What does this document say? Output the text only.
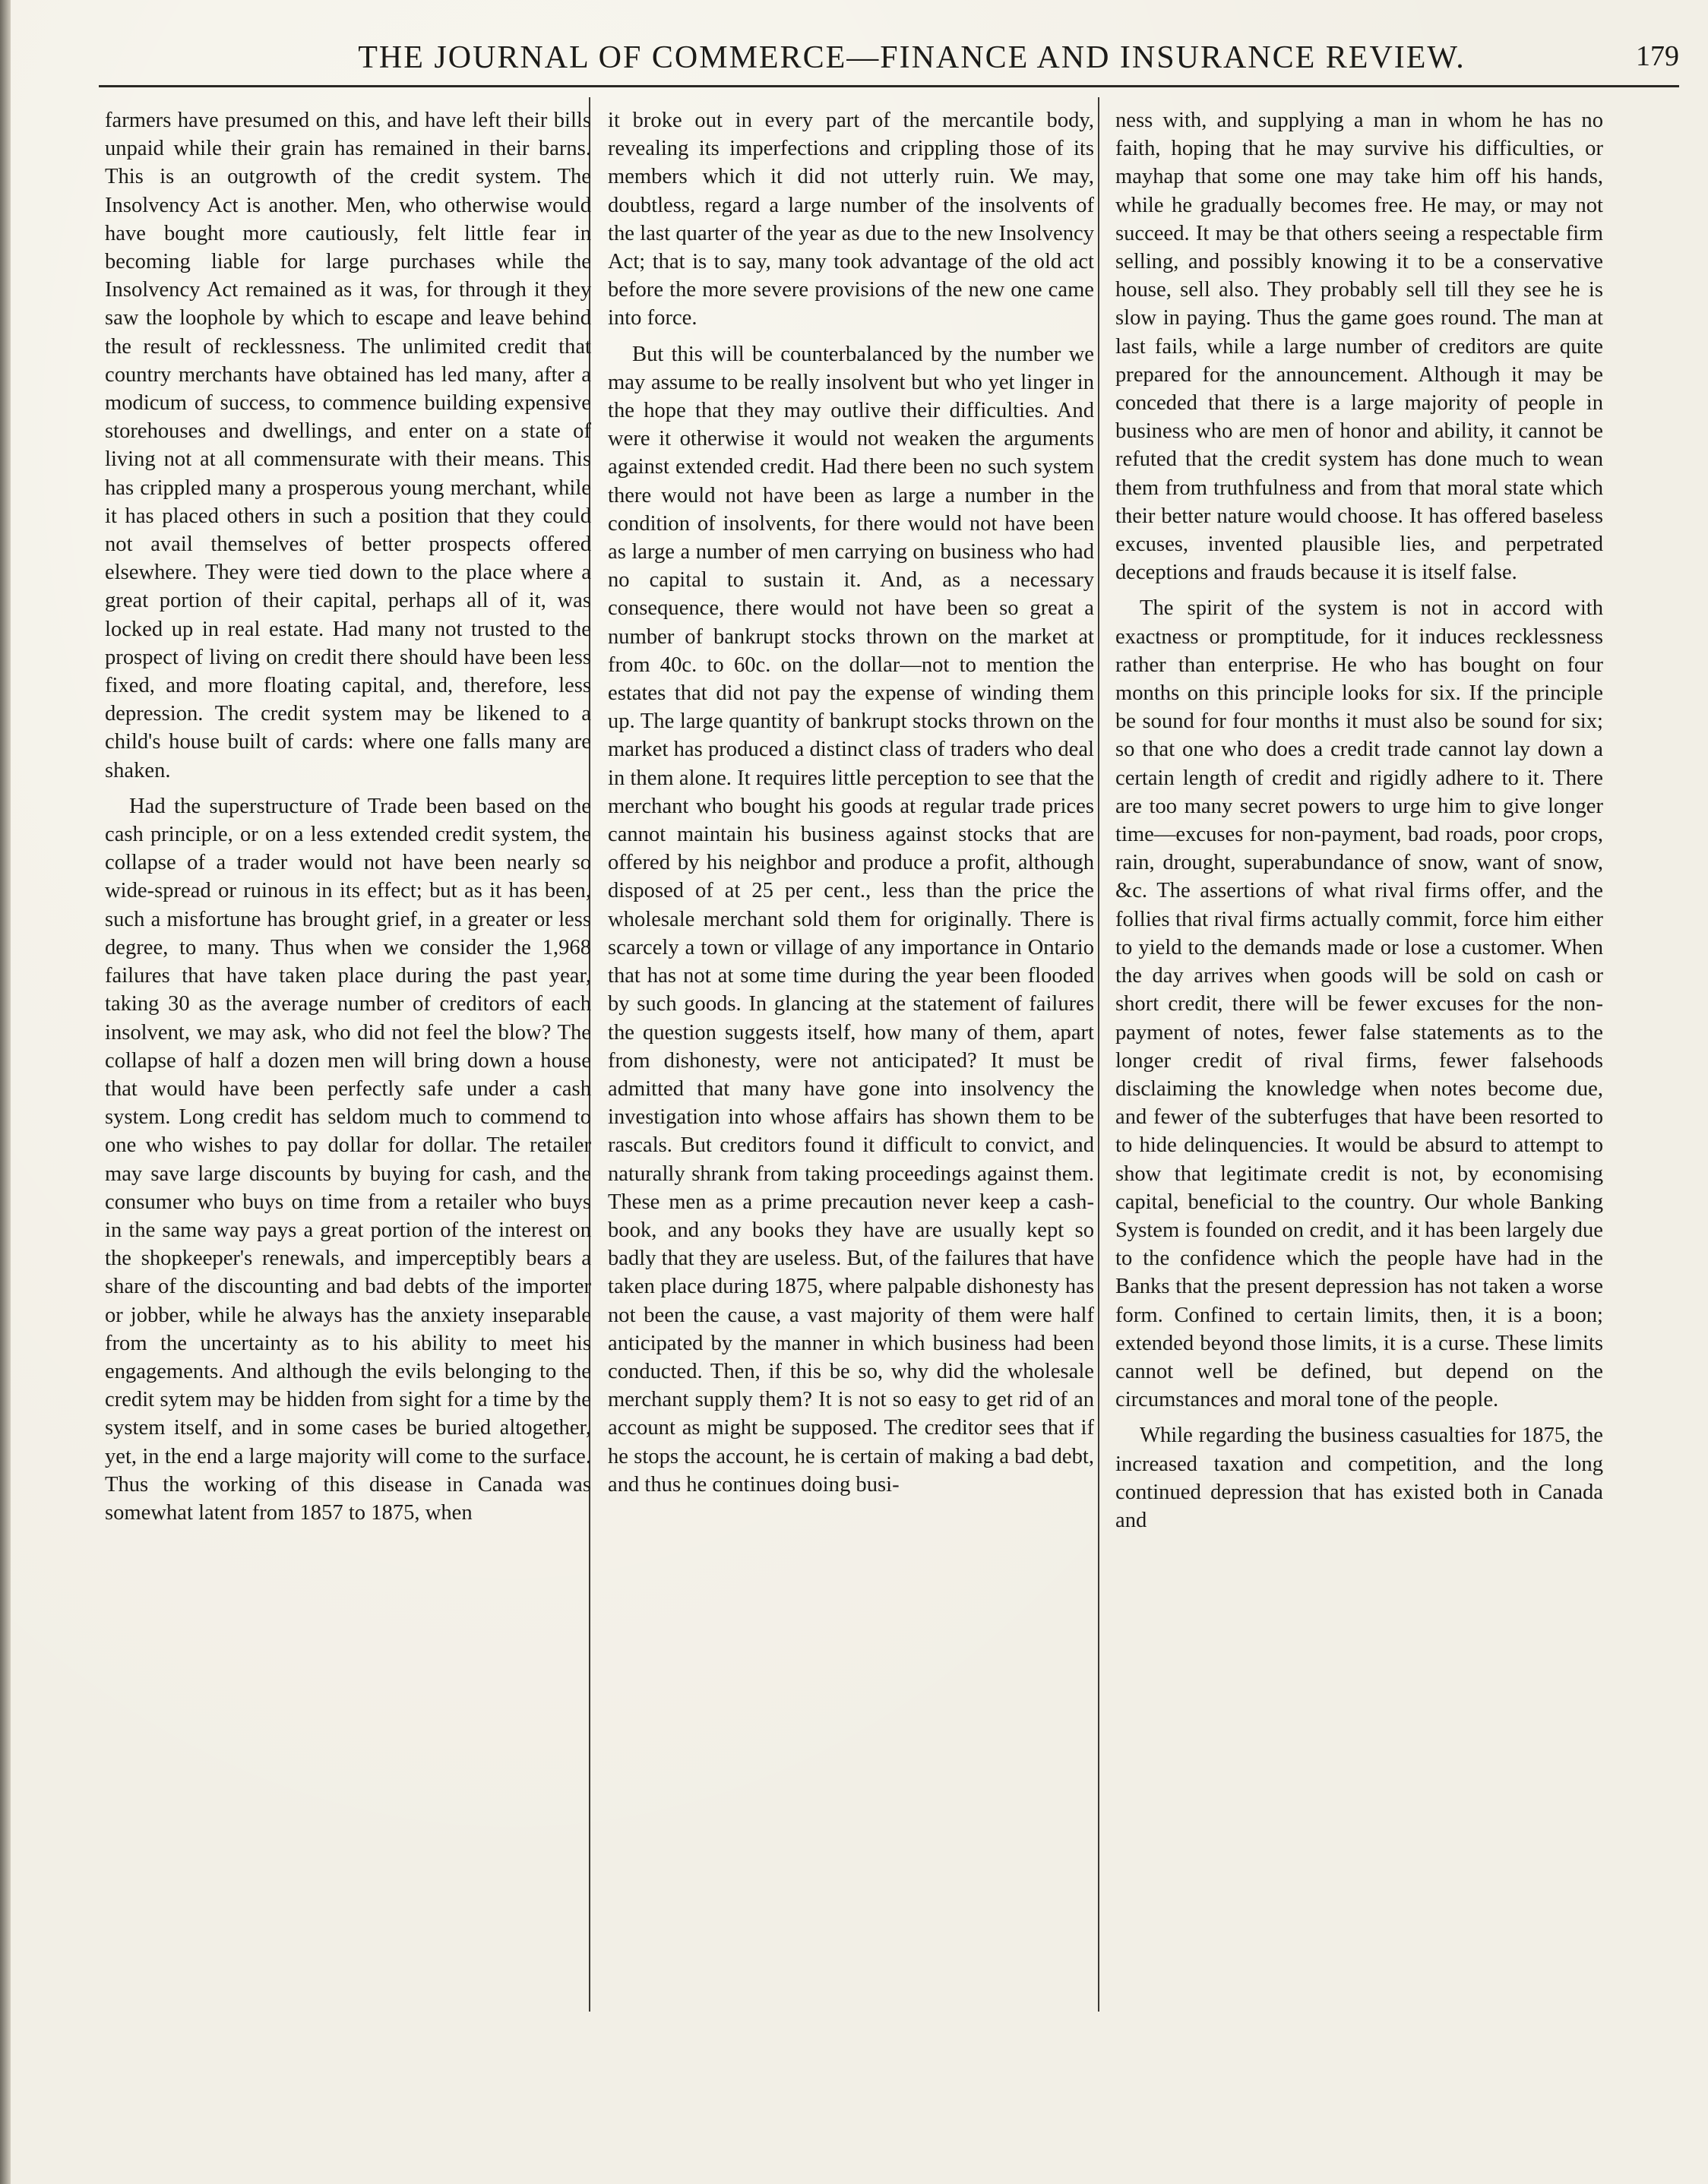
THE JOURNAL OF COMMERCE—FINANCE AND INSURANCE REVIEW.	179

farmers have presumed on this, and have left their bills unpaid while their grain has remained in their barns. This is an outgrowth of the credit system. The Insolvency Act is another. Men, who otherwise would have bought more cautiously, felt little fear in becoming liable for large purchases while the Insolvency Act remained as it was, for through it they saw the loophole by which to escape and leave behind the result of recklessness. The unlimited credit that country merchants have obtained has led many, after a modicum of success, to commence building expensive storehouses and dwellings, and enter on a state of living not at all commensurate with their means. This has crippled many a prosperous young merchant, while it has placed others in such a position that they could not avail themselves of better prospects offered elsewhere. They were tied down to the place where a great portion of their capital, perhaps all of it, was locked up in real estate. Had many not trusted to the prospect of living on credit there should have been less fixed, and more floating capital, and, therefore, less depression. The credit system may be likened to a child's house built of cards: where one falls many are shaken.

Had the superstructure of Trade been based on the cash principle, or on a less extended credit system, the collapse of a trader would not have been nearly so wide-spread or ruinous in its effect; but as it has been, such a misfortune has brought grief, in a greater or less degree, to many. Thus when we consider the 1,968 failures that have taken place during the past year, taking 30 as the average number of creditors of each insolvent, we may ask, who did not feel the blow? The collapse of half a dozen men will bring down a house that would have been perfectly safe under a cash system. Long credit has seldom much to commend to one who wishes to pay dollar for dollar. The retailer may save large discounts by buying for cash, and the consumer who buys on time from a retailer who buys in the same way pays a great portion of the interest on the shopkeeper's renewals, and imperceptibly bears a share of the discounting and bad debts of the importer or jobber, while he always has the anxiety inseparable from the uncertainty as to his ability to meet his engagements. And although the evils belonging to the credit sytem may be hidden from sight for a time by the system itself, and in some cases be buried altogether, yet, in the end a large majority will come to the surface. Thus the working of this disease in Canada was somewhat latent from 1857 to 1875, when

it broke out in every part of the mercantile body, revealing its imperfections and crippling those of its members which it did not utterly ruin. We may, doubtless, regard a large number of the insolvents of the last quarter of the year as due to the new Insolvency Act; that is to say, many took advantage of the old act before the more severe provisions of the new one came into force.

But this will be counterbalanced by the number we may assume to be really insolvent but who yet linger in the hope that they may outlive their difficulties. And were it otherwise it would not weaken the arguments against extended credit. Had there been no such system there would not have been as large a number in the condition of insolvents, for there would not have been as large a number of men carrying on business who had no capital to sustain it. And, as a necessary consequence, there would not have been so great a number of bankrupt stocks thrown on the market at from 40c. to 60c. on the dollar—not to mention the estates that did not pay the expense of winding them up. The large quantity of bankrupt stocks thrown on the market has produced a distinct class of traders who deal in them alone. It requires little perception to see that the merchant who bought his goods at regular trade prices cannot maintain his business against stocks that are offered by his neighbor and produce a profit, although disposed of at 25 per cent., less than the price the wholesale merchant sold them for originally. There is scarcely a town or village of any importance in Ontario that has not at some time during the year been flooded by such goods. In glancing at the statement of failures the question suggests itself, how many of them, apart from dishonesty, were not anticipated? It must be admitted that many have gone into insolvency the investigation into whose affairs has shown them to be rascals. But creditors found it difficult to convict, and naturally shrank from taking proceedings against them. These men as a prime precaution never keep a cash-book, and any books they have are usually kept so badly that they are useless. But, of the failures that have taken place during 1875, where palpable dishonesty has not been the cause, a vast majority of them were half anticipated by the manner in which business had been conducted. Then, if this be so, why did the wholesale merchant supply them? It is not so easy to get rid of an account as might be supposed. The creditor sees that if he stops the account, he is certain of making a bad debt, and thus he continues doing busi-

ness with, and supplying a man in whom he has no faith, hoping that he may survive his difficulties, or mayhap that some one may take him off his hands, while he gradually becomes free. He may, or may not succeed. It may be that others seeing a respectable firm selling, and possibly knowing it to be a conservative house, sell also. They probably sell till they see he is slow in paying. Thus the game goes round. The man at last fails, while a large number of creditors are quite prepared for the announcement. Although it may be conceded that there is a large majority of people in business who are men of honor and ability, it cannot be refuted that the credit system has done much to wean them from truthfulness and from that moral state which their better nature would choose. It has offered baseless excuses, invented plausible lies, and perpetrated deceptions and frauds because it is itself false.

The spirit of the system is not in accord with exactness or promptitude, for it induces recklessness rather than enterprise. He who has bought on four months on this principle looks for six. If the principle be sound for four months it must also be sound for six; so that one who does a credit trade cannot lay down a certain length of credit and rigidly adhere to it. There are too many secret powers to urge him to give longer time—excuses for non-payment, bad roads, poor crops, rain, drought, superabundance of snow, want of snow, &c. The assertions of what rival firms offer, and the follies that rival firms actually commit, force him either to yield to the demands made or lose a customer. When the day arrives when goods will be sold on cash or short credit, there will be fewer excuses for the non-payment of notes, fewer false statements as to the longer credit of rival firms, fewer falsehoods disclaiming the knowledge when notes become due, and fewer of the subterfuges that have been resorted to to hide delinquencies. It would be absurd to attempt to show that legitimate credit is not, by economising capital, beneficial to the country. Our whole Banking System is founded on credit, and it has been largely due to the confidence which the people have had in the Banks that the present depression has not taken a worse form. Confined to certain limits, then, it is a boon; extended beyond those limits, it is a curse. These limits cannot well be defined, but depend on the circumstances and moral tone of the people.

While regarding the business casualties for 1875, the increased taxation and competition, and the long continued depression that has existed both in Canada and
